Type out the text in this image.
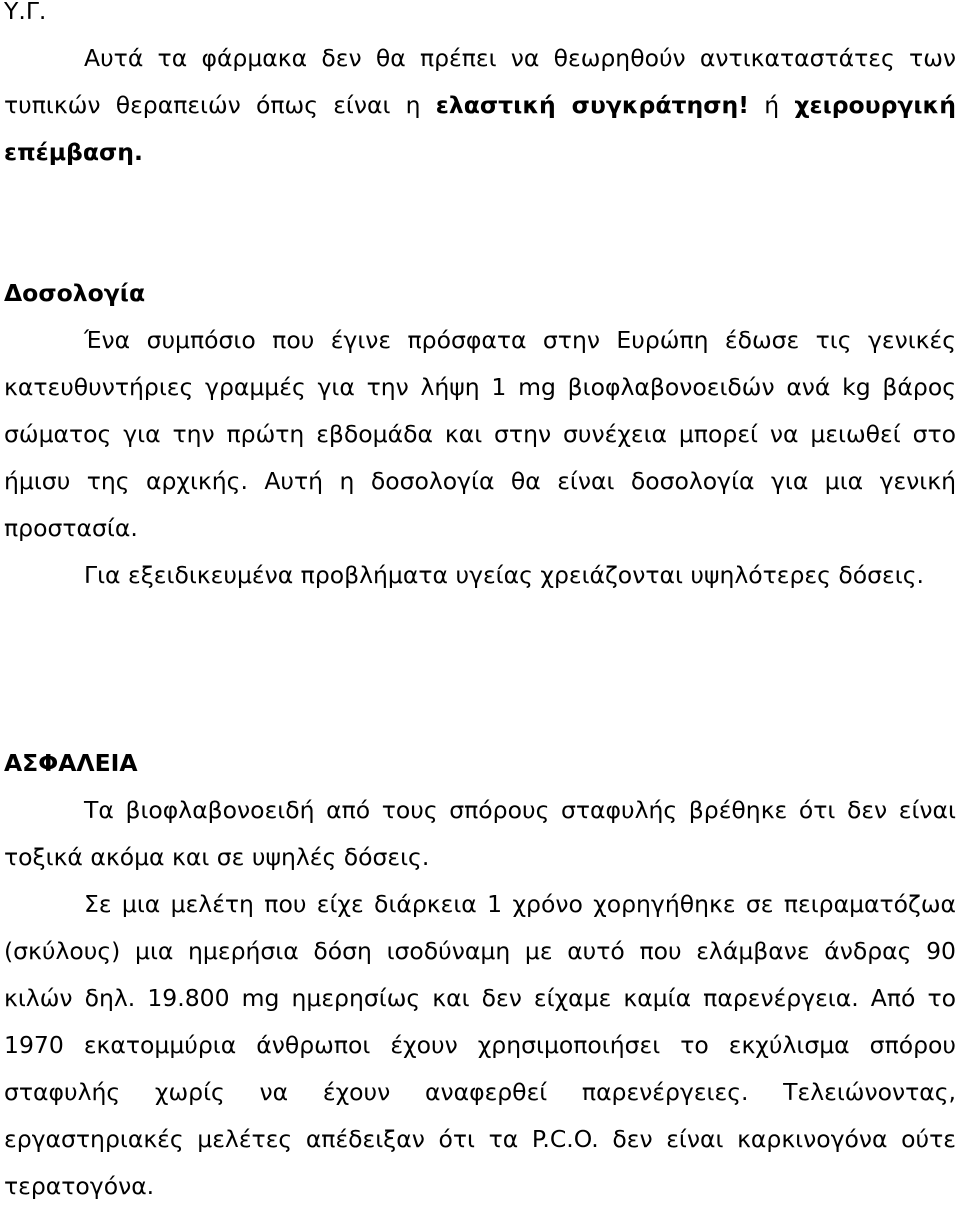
Υ.Γ.

Αυτά τα φάρμακα δεν θα πρέπει να θεωρηθούν αντικαταστάτες των τυπικών θεραπειών όπως είναι η ελαστική συγκράτηση! ή χειρουργική επέμβαση.

Δοσολογία

Ένα συμπόσιο που έγινε πρόσφατα στην Ευρώπη έδωσε τις γενικές κατευθυντήριες γραμμές για την λήψη 1 mg βιοφλαβονοειδών ανά kg βάρος σώματος για την πρώτη εβδομάδα και στην συνέχεια μπορεί να μειωθεί στο ήμισυ της αρχικής. Αυτή η δοσολογία θα είναι δοσολογία για μια γενική προστασία.

Για εξειδικευμένα προβλήματα υγείας χρειάζονται υψηλότερες δόσεις.

ΑΣΦΑΛΕΙΑ

Τα βιοφλαβονοειδή από τους σπόρους σταφυλής βρέθηκε ότι δεν είναι τοξικά ακόμα και σε υψηλές δόσεις.

Σε μια μελέτη που είχε διάρκεια 1 χρόνο χορηγήθηκε σε πειραματόζωα (σκύλους) μια ημερήσια δόση ισοδύναμη με αυτό που ελάμβανε άνδρας 90 κιλών δηλ. 19.800 mg ημερησίως και δεν είχαμε καμία παρενέργεια. Από το 1970 εκατομμύρια άνθρωποι έχουν χρησιμοποιήσει το εκχύλισμα σπόρου σταφυλής χωρίς να έχουν αναφερθεί παρενέργειες. Τελειώνοντας, εργαστηριακές μελέτες απέδειξαν ότι τα P.C.O. δεν είναι καρκινογόνα ούτε τερατογόνα.
